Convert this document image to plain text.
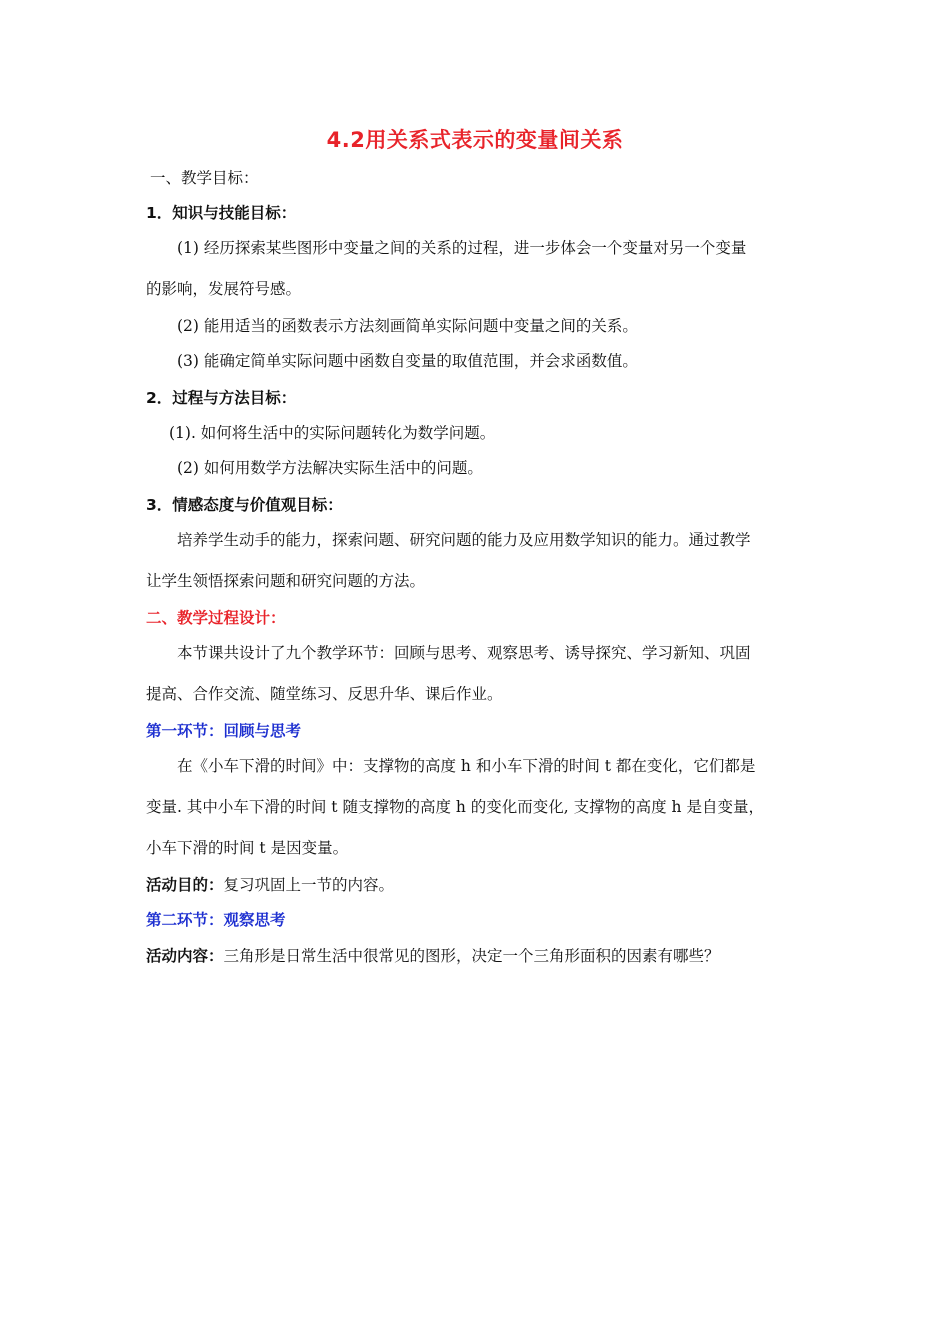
4.2用关系式表示的变量间关系
一、教学目标：
1．知识与技能目标：
(1) 经历探索某些图形中变量之间的关系的过程，进一步体会一个变量对另一个变量
的影响，发展符号感。
(2) 能用适当的函数表示方法刻画简单实际问题中变量之间的关系。
(3) 能确定简单实际问题中函数自变量的取值范围，并会求函数值。
2．过程与方法目标：
(1). 如何将生活中的实际问题转化为数学问题。
(2) 如何用数学方法解决实际生活中的问题。
3．情感态度与价值观目标：
培养学生动手的能力，探索问题、研究问题的能力及应用数学知识的能力。通过教学
让学生领悟探索问题和研究问题的方法。
二、教学过程设计：
本节课共设计了九个教学环节：回顾与思考、观察思考、诱导探究、学习新知、巩固
提高、合作交流、随堂练习、反思升华、课后作业。
第一环节：回顾与思考
在《小车下滑的时间》中：支撑物的高度 h 和小车下滑的时间 t 都在变化，它们都是
变量. 其中小车下滑的时间 t 随支撑物的高度 h 的变化而变化, 支撑物的高度 h 是自变量，
小车下滑的时间 t 是因变量。
活动目的：复习巩固上一节的内容。
第二环节：观察思考
活动内容：三角形是日常生活中很常见的图形，决定一个三角形面积的因素有哪些？
